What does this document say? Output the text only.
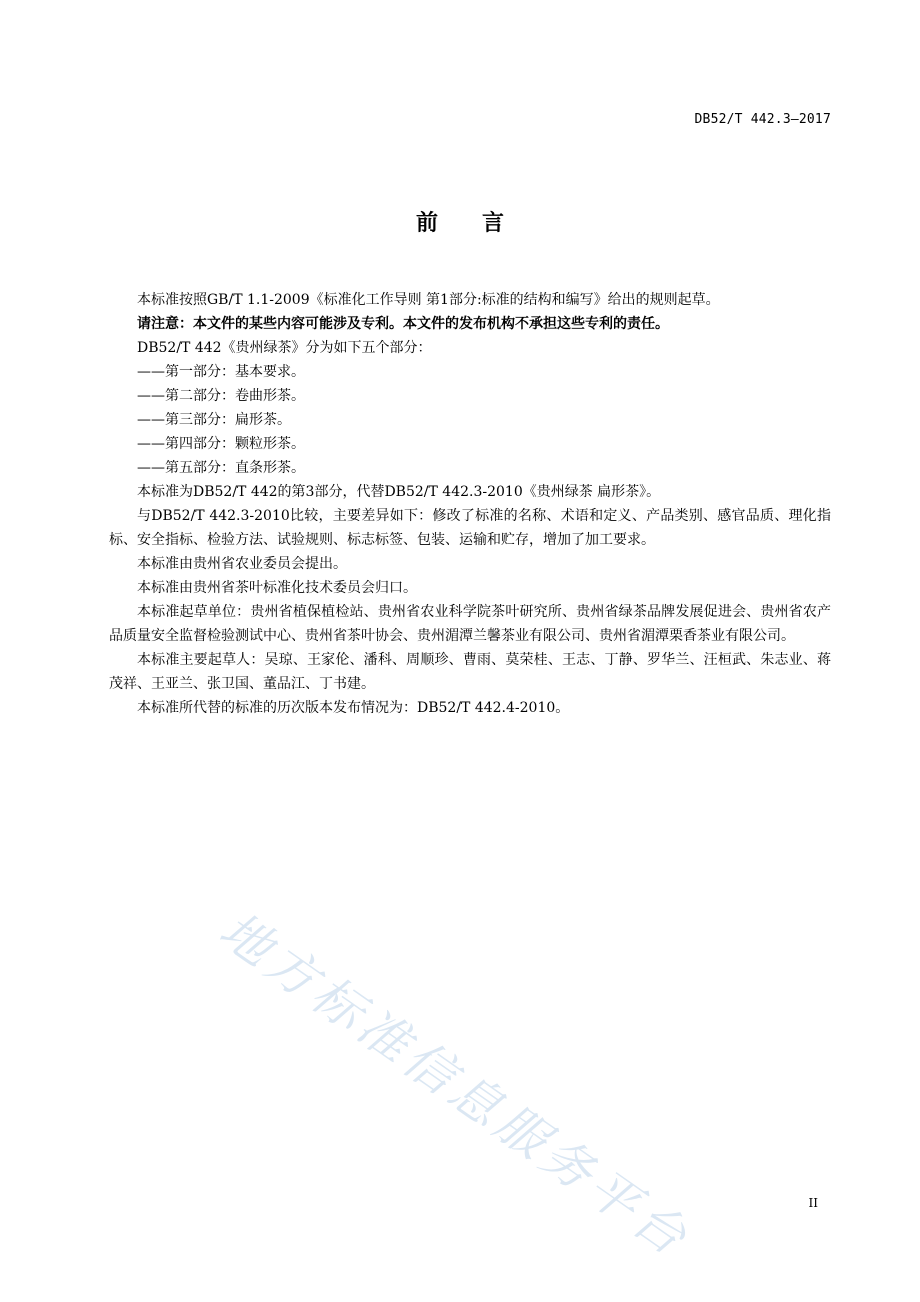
DB52/T 442.3—2017
前言

本标准按照GB/T 1.1-2009《标准化工作导则 第1部分:标准的结构和编写》给出的规则起草。

请注意：本文件的某些内容可能涉及专利。本文件的发布机构不承担这些专利的责任。

DB52/T 442《贵州绿茶》分为如下五个部分：

——第一部分：基本要求。

——第二部分：卷曲形茶。

——第三部分：扁形茶。

——第四部分：颗粒形茶。

——第五部分：直条形茶。

本标准为DB52/T 442的第3部分，代替DB52/T 442.3-2010《贵州绿茶 扁形茶》。

与DB52/T 442.3-2010比较，主要差异如下：修改了标准的名称、术语和定义、产品类别、感官品质、理化指标、安全指标、检验方法、试验规则、标志标签、包装、运输和贮存，增加了加工要求。

本标准由贵州省农业委员会提出。

本标准由贵州省茶叶标准化技术委员会归口。

本标准起草单位：贵州省植保植检站、贵州省农业科学院茶叶研究所、贵州省绿茶品牌发展促进会、贵州省农产品质量安全监督检验测试中心、贵州省茶叶协会、贵州湄潭兰馨茶业有限公司、贵州省湄潭栗香茶业有限公司。

本标准主要起草人：吴琼、王家伦、潘科、周顺珍、曹雨、莫荣桂、王志、丁静、罗华兰、汪桓武、朱志业、蒋茂祥、王亚兰、张卫国、董品江、丁书建。

本标准所代替的标准的历次版本发布情况为：DB52/T 442.4-2010。

地方标准信息服务平台	II
